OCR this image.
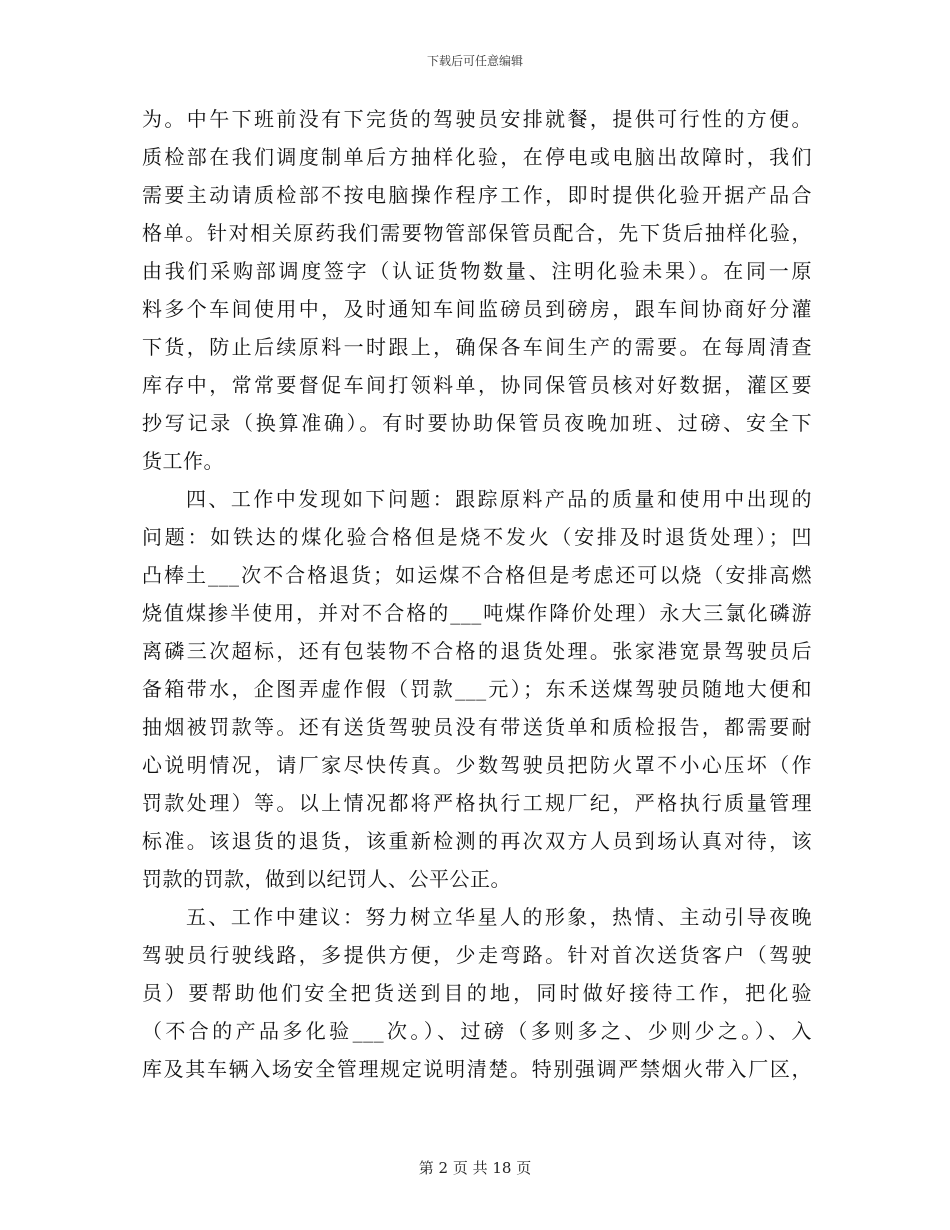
下载后可任意编辑
为。中午下班前没有下完货的驾驶员安排就餐，提供可行性的方便。
质检部在我们调度制单后方抽样化验，在停电或电脑出故障时，我们
需要主动请质检部不按电脑操作程序工作，即时提供化验开据产品合
格单。针对相关原药我们需要物管部保管员配合，先下货后抽样化验，
由我们采购部调度签字（认证货物数量、注明化验未果）。在同一原
料多个车间使用中，及时通知车间监磅员到磅房，跟车间协商好分灌
下货，防止后续原料一时跟上，确保各车间生产的需要。在每周清查
库存中，常常要督促车间打领料单，协同保管员核对好数据，灌区要
抄写记录（换算准确）。有时要协助保管员夜晚加班、过磅、安全下
货工作。
四、工作中发现如下问题：跟踪原料产品的质量和使用中出现的
问题：如铁达的煤化验合格但是烧不发火（安排及时退货处理）；凹
凸棒土___次不合格退货；如运煤不合格但是考虑还可以烧（安排高燃
烧值煤掺半使用，并对不合格的___吨煤作降价处理）永大三氯化磷游
离磷三次超标，还有包装物不合格的退货处理。张家港宽景驾驶员后
备箱带水，企图弄虚作假（罚款___元）；东禾送煤驾驶员随地大便和
抽烟被罚款等。还有送货驾驶员没有带送货单和质检报告，都需要耐
心说明情况，请厂家尽快传真。少数驾驶员把防火罩不小心压坏（作
罚款处理）等。以上情况都将严格执行工规厂纪，严格执行质量管理
标准。该退货的退货，该重新检测的再次双方人员到场认真对待，该
罚款的罚款，做到以纪罚人、公平公正。
五、工作中建议：努力树立华星人的形象，热情、主动引导夜晚
驾驶员行驶线路，多提供方便，少走弯路。针对首次送货客户（驾驶
员）要帮助他们安全把货送到目的地，同时做好接待工作，把化验
（不合的产品多化验___次。）、过磅（多则多之、少则少之。）、入
库及其车辆入场安全管理规定说明清楚。特别强调严禁烟火带入厂区，
第 2 页 共 18 页
